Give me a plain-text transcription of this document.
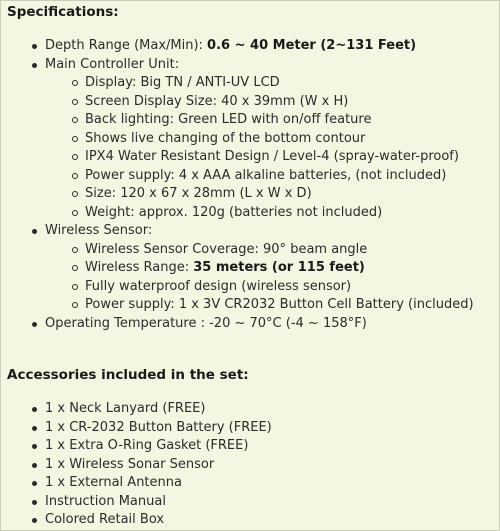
Specifications:
Depth Range (Max/Min): 0.6 ~ 40 Meter (2~131 Feet)
Main Controller Unit:
Display: Big TN / ANTI-UV LCD
Screen Display Size: 40 x 39mm (W x H)
Back lighting: Green LED with on/off feature
Shows live changing of the bottom contour
IPX4 Water Resistant Design / Level-4 (spray-water-proof)
Power supply: 4 x AAA alkaline batteries, (not included)
Size: 120 x 67 x 28mm (L x W x D)
Weight: approx. 120g (batteries not included)
Wireless Sensor:
Wireless Sensor Coverage: 90° beam angle
Wireless Range: 35 meters (or 115 feet)
Fully waterproof design (wireless sensor)
Power supply: 1 x 3V CR2032 Button Cell Battery (included)
Operating Temperature : -20 ~ 70°C (-4 ~ 158°F)
Accessories included in the set:
1 x Neck Lanyard (FREE)
1 x CR-2032 Button Battery (FREE)
1 x Extra O-Ring Gasket (FREE)
1 x Wireless Sonar Sensor
1 x External Antenna
Instruction Manual
Colored Retail Box
